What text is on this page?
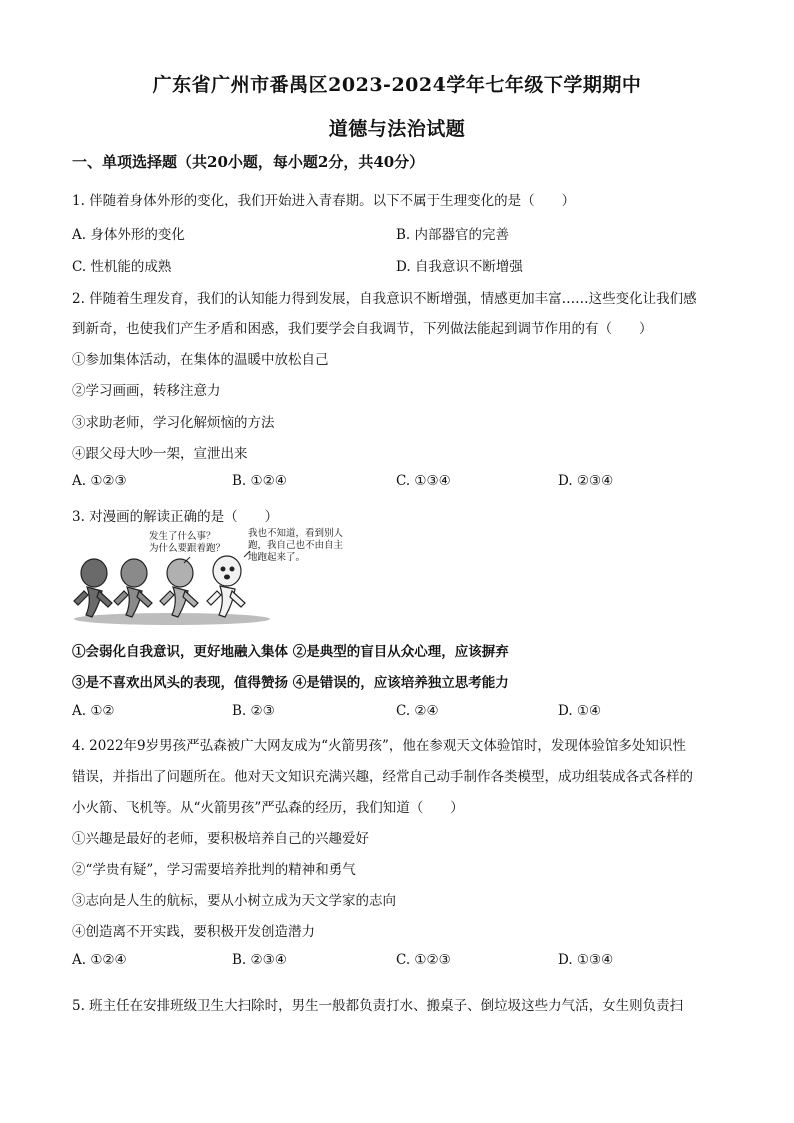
广东省广州市番禺区2023-2024学年七年级下学期期中
道德与法治试题
一、单项选择题（共20小题，每小题2分，共40分）
1. 伴随着身体外形的变化，我们开始进入青春期。以下不属于生理变化的是（　　）
A. 身体外形的变化	B. 内部器官的完善
C. 性机能的成熟	D. 自我意识不断增强
2. 伴随着生理发育，我们的认知能力得到发展，自我意识不断增强，情感更加丰富……这些变化让我们感
到新奇，也使我们产生矛盾和困惑，我们要学会自我调节，下列做法能起到调节作用的有（　　）
①参加集体活动，在集体的温暖中放松自己
②学习画画，转移注意力
③求助老师，学习化解烦恼的方法
④跟父母大吵一架，宣泄出来
A. ①②③	B. ①②④	C. ①③④	D. ②③④
3. 对漫画的解读正确的是（　　）
发生了什么事？
为什么要跟着跑？
我也不知道，看到别人
跑，我自己也不由自主
地跑起来了。
①会弱化自我意识，更好地融入集体 ②是典型的盲目从众心理，应该摒弃
③是不喜欢出风头的表现，值得赞扬 ④是错误的，应该培养独立思考能力
A. ①②	B. ②③	C. ②④	D. ①④
4. 2022年9岁男孩严弘森被广大网友成为“火箭男孩”，他在参观天文体验馆时，发现体验馆多处知识性
错误，并指出了问题所在。他对天文知识充满兴趣，经常自己动手制作各类模型，成功组装成各式各样的
小火箭、飞机等。从“火箭男孩”严弘森的经历，我们知道（　　）
①兴趣是最好的老师，要积极培养自己的兴趣爱好
②“学贵有疑”，学习需要培养批判的精神和勇气
③志向是人生的航标，要从小树立成为天文学家的志向
④创造离不开实践，要积极开发创造潜力
A. ①②④	B. ②③④	C. ①②③	D. ①③④
5. 班主任在安排班级卫生大扫除时，男生一般都负责打水、搬桌子、倒垃圾这些力气活，女生则负责扫
